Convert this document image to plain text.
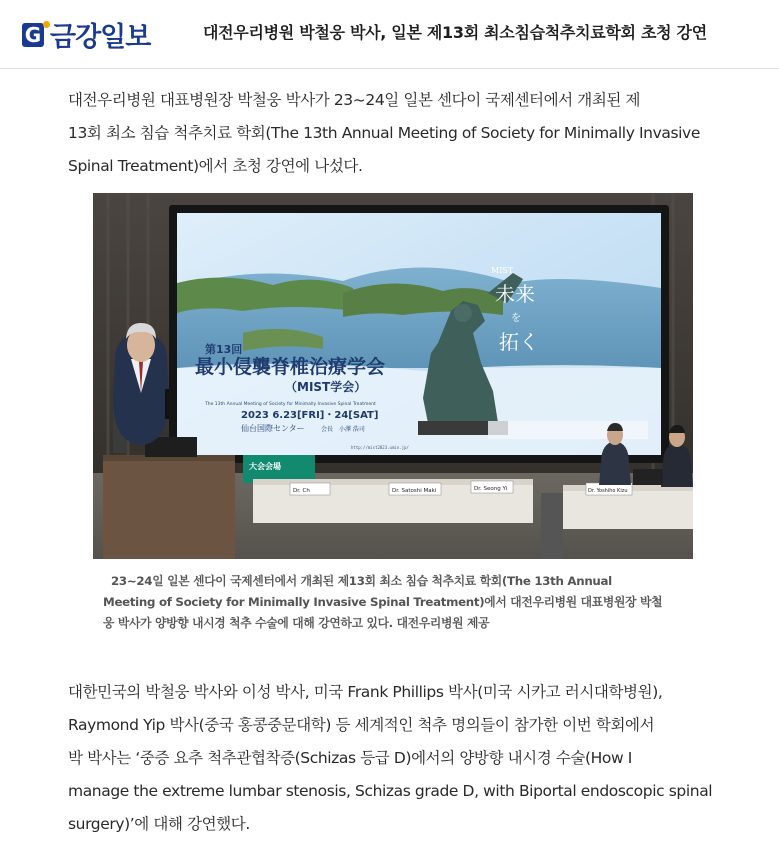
G 금강일보	대전우리병원 박철웅 박사, 일본 제13회 최소침습척추치료학회 초청 강연
대전우리병원 대표병원장 박철웅 박사가 23~24일 일본 센다이 국제센터에서 개최된 제
13회 최소 침습 척추치료 학회(The 13th Annual Meeting of Society for Minimally Invasive
Spinal Treatment)에서 초청 강연에 나섰다.
第13回
最小侵襲脊椎治療学会
（MIST学会）
The 13th Annual Meeting of Society for Minimally Invasive Spinal Treatment
2023 6.23[FRI]・24[SAT]
仙台国際センター	会長　小澤 浩司
MIST
未来
を
拓く
http://mist2023.umin.jp/
大会会場
Dr. Ch	Dr. Satoshi Maki	Dr. Seong Yi	Dr. Yoshiho Kizu
23~24일 일본 센다이 국제센터에서 개최된 제13회 최소 침습 척추치료 학회(The 13th Annual
Meeting of Society for Minimally Invasive Spinal Treatment)에서 대전우리병원 대표병원장 박철
웅 박사가 양방향 내시경 척추 수술에 대해 강연하고 있다. 대전우리병원 제공
대한민국의 박철웅 박사와 이성 박사, 미국 Frank Phillips 박사(미국 시카고 러시대학병원),
Raymond Yip 박사(중국 홍콩중문대학) 등 세계적인 척추 명의들이 참가한 이번 학회에서
박 박사는 ‘중증 요추 척추관협착증(Schizas 등급 D)에서의 양방향 내시경 수술(How I
manage the extreme lumbar stenosis, Schizas grade D, with Biportal endoscopic spinal
surgery)’에 대해 강연했다.
